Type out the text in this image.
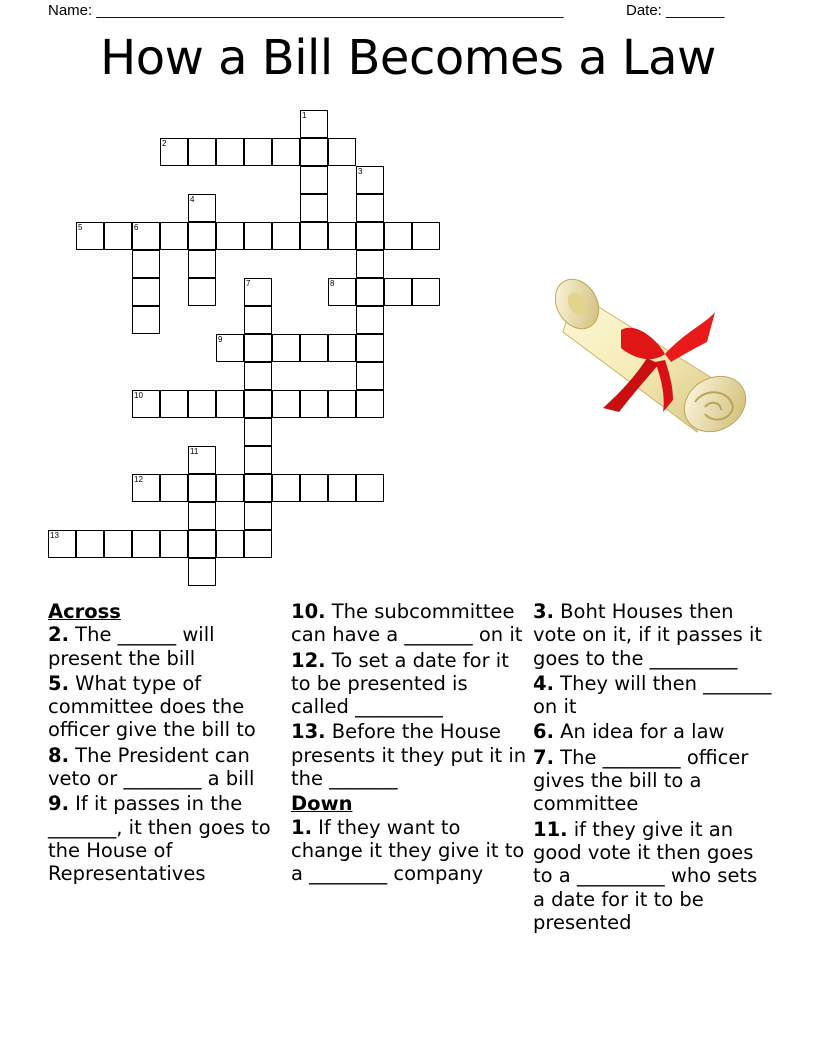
Name: ________________________________________________________	Date: _______
How a Bill Becomes a Law
1
2
3
4
5	6
7	8
9
10
11
12
13
Across
2. The ______ will present the bill
5. What type of committee does the officer give the bill to
8. The President can veto or ________ a bill
9. If it passes in the _______, it then goes to the House of Representatives
10. The subcommittee can have a _______ on it
12. To set a date for it to be presented is called _________
13. Before the House presents it they put it in the _______
Down
1. If they want to change it they give it to a ________ company
3. Boht Houses then vote on it, if it passes it goes to the _________
4. They will then _______ on it
6. An idea for a law
7. The ________ officer gives the bill to a committee
11. if they give it an good vote it then goes to a _________ who sets a date for it to be presented
